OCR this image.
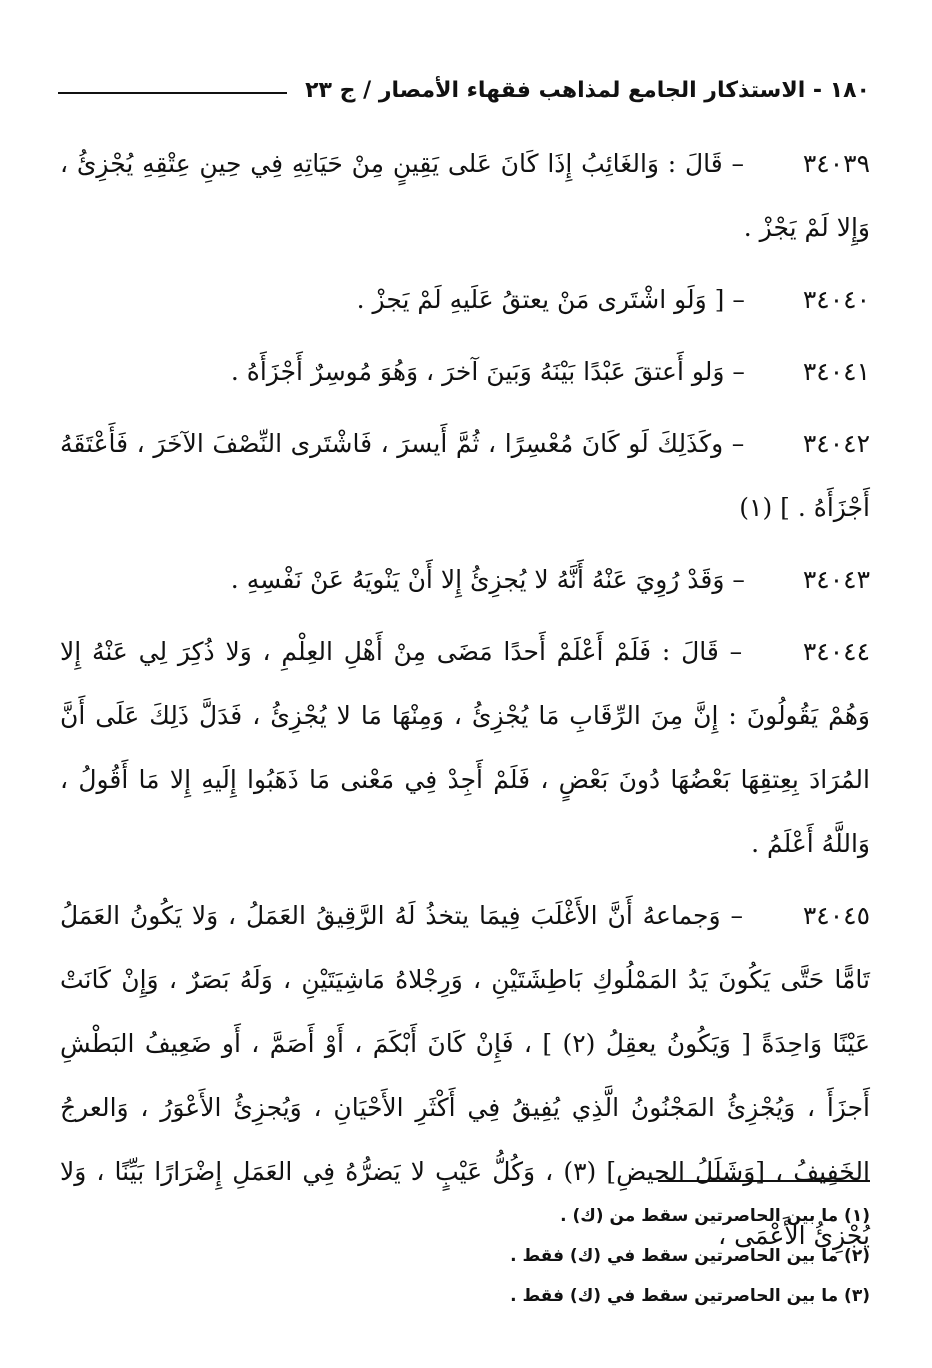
١٨٠ - الاستذكار الجامع لمذاهب فقهاء الأمصار / ج ٢٣

٣٤٠٣٩ – قَالَ : وَالغَائِبُ إِذَا كَانَ عَلى يَقِينٍ مِنْ حَيَاتِهِ فِي حِينِ عِتْقِهِ يُجْزِئُ ، وَإِلا لَمْ يَجْزْ .

٣٤٠٤٠ – [ وَلَو اشْتَرى مَنْ يعتقُ عَلَيهِ لَمْ يَجزْ .

٣٤٠٤١ – وَلو أَعتقَ عَبْدًا بَيْنَهُ وَبَينَ آخرَ ، وَهُوَ مُوسِرٌ أَجْزَأَهُ .

٣٤٠٤٢ – وكَذَلِكَ لَو كَانَ مُعْسِرًا ، ثُمَّ أَيسرَ ، فَاشْتَرى النِّصْفَ الآخَرَ ، فَأَعْتَقَهُ أَجْزَأَهُ . ] (١)

٣٤٠٤٣ – وَقَدْ رُوِيَ عَنْهُ أَنَّهُ لا يُجزِئُ إِلا أَنْ يَنْويَهُ عَنْ نَفْسِهِ .

٣٤٠٤٤ – قَالَ : فَلَمْ أَعْلَمْ أَحدًا مَضَى مِنْ أَهْلِ العِلْمِ ، وَلا ذُكِرَ لِي عَنْهُ إِلا وَهُمْ يَقُولُونَ : إِنَّ مِنَ الرِّقَابِ مَا يُجْزِئُ ، وَمِنْهَا مَا لا يُجْزِئُ ، فَدَلَّ ذَلِكَ عَلَى أَنَّ المُرَادَ بِعِتقِهَا بَعْضُهَا دُونَ بَعْضٍ ، فَلَمْ أَجِدْ فِي مَعْنى مَا ذَهَبُوا إِلَيهِ إِلا مَا أَقُولُ ، وَاللَّهُ أَعْلَمُ .

٣٤٠٤٥ – وَجماعهُ أَنَّ الأَغْلَبَ فِيمَا يتخذُ لَهُ الرَّقِيقُ العَمَلُ ، وَلا يَكُونُ العَمَلُ تَامًّا حَتَّى يَكُونَ يَدُ المَمْلُوكِ بَاطِشَتَيْنِ ، وَرِجْلاهُ مَاشِيَتَيْنِ ، وَلَهُ بَصَرٌ ، وَإِنْ كَانَتْ عَيْنًا وَاحِدَةً [ وَيَكُونُ يعقِلُ (٢) ] ، فَإِنْ كَانَ أَبْكَمَ ، أَوْ أَصَمَّ ، أَو ضَعِيفُ البَطْشِ أَجزَأَ ، وَيُجْزِئُ المَجْنُونُ الَّذِي يُفِيقُ فِي أَكْثَرِ الأَحْيَانِ ، وَيُجزِئُ الأَعْوَرُ ، وَالعرجُ الخَفِيفُ ، [وَشَلَلُ الحيضِ] (٣) ، وَكُلُّ عَيْبٍ لا يَضرُّهُ فِي العَمَلِ إِضْرَارًا بَيِّنًا ، وَلا يُجْزِئُ الأَعْمَى ،

(١) ما بين الحاصرتين سقط من (ك) .
(٢) ما بين الحاصرتين سقط في (ك) فقط .
(٣) ما بين الحاصرتين سقط في (ك) فقط .
